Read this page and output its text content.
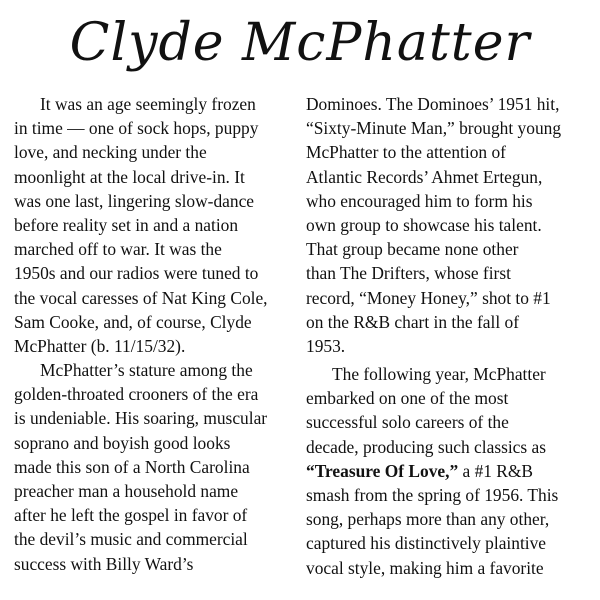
Clyde McPhatter
It was an age seemingly frozen
in time — one of sock hops, puppy
love, and necking under the
moonlight at the local drive-in. It
was one last, lingering slow-dance
before reality set in and a nation
marched off to war. It was the
1950s and our radios were tuned to
the vocal caresses of Nat King Cole,
Sam Cooke, and, of course, Clyde
McPhatter (b. 11/15/32).
McPhatter’s stature among the
golden-throated crooners of the era
is undeniable. His soaring, muscular
soprano and boyish good looks
made this son of a North Carolina
preacher man a household name
after he left the gospel in favor of
the devil’s music and commercial
success with Billy Ward’s
Dominoes. The Dominoes’ 1951 hit,
“Sixty-Minute Man,” brought young
McPhatter to the attention of
Atlantic Records’ Ahmet Ertegun,
who encouraged him to form his
own group to showcase his talent.
That group became none other
than The Drifters, whose first
record, “Money Honey,” shot to #1
on the R&B chart in the fall of
1953.
The following year, McPhatter
embarked on one of the most
successful solo careers of the
decade, producing such classics as
“Treasure Of Love,” a #1 R&B
smash from the spring of 1956. This
song, perhaps more than any other,
captured his distinctively plaintive
vocal style, making him a favorite
